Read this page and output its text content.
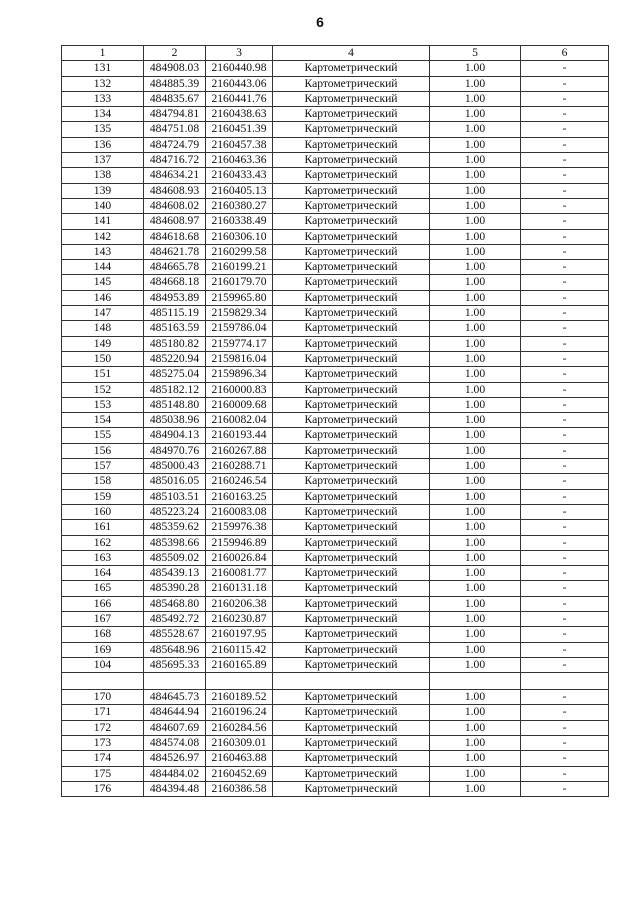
6
1	2	3	4	5	6
131	484908.03	2160440.98	Картометрический	1.00	-
132	484885.39	2160443.06	Картометрический	1.00	-
133	484835.67	2160441.76	Картометрический	1.00	-
134	484794.81	2160438.63	Картометрический	1.00	-
135	484751.08	2160451.39	Картометрический	1.00	-
136	484724.79	2160457.38	Картометрический	1.00	-
137	484716.72	2160463.36	Картометрический	1.00	-
138	484634.21	2160433.43	Картометрический	1.00	-
139	484608.93	2160405.13	Картометрический	1.00	-
140	484608.02	2160380.27	Картометрический	1.00	-
141	484608.97	2160338.49	Картометрический	1.00	-
142	484618.68	2160306.10	Картометрический	1.00	-
143	484621.78	2160299.58	Картометрический	1.00	-
144	484665.78	2160199.21	Картометрический	1.00	-
145	484668.18	2160179.70	Картометрический	1.00	-
146	484953.89	2159965.80	Картометрический	1.00	-
147	485115.19	2159829.34	Картометрический	1.00	-
148	485163.59	2159786.04	Картометрический	1.00	-
149	485180.82	2159774.17	Картометрический	1.00	-
150	485220.94	2159816.04	Картометрический	1.00	-
151	485275.04	2159896.34	Картометрический	1.00	-
152	485182.12	2160000.83	Картометрический	1.00	-
153	485148.80	2160009.68	Картометрический	1.00	-
154	485038.96	2160082.04	Картометрический	1.00	-
155	484904.13	2160193.44	Картометрический	1.00	-
156	484970.76	2160267.88	Картометрический	1.00	-
157	485000.43	2160288.71	Картометрический	1.00	-
158	485016.05	2160246.54	Картометрический	1.00	-
159	485103.51	2160163.25	Картометрический	1.00	-
160	485223.24	2160083.08	Картометрический	1.00	-
161	485359.62	2159976.38	Картометрический	1.00	-
162	485398.66	2159946.89	Картометрический	1.00	-
163	485509.02	2160026.84	Картометрический	1.00	-
164	485439.13	2160081.77	Картометрический	1.00	-
165	485390.28	2160131.18	Картометрический	1.00	-
166	485468.80	2160206.38	Картометрический	1.00	-
167	485492.72	2160230.87	Картометрический	1.00	-
168	485528.67	2160197.95	Картометрический	1.00	-
169	485648.96	2160115.42	Картометрический	1.00	-
104	485695.33	2160165.89	Картометрический	1.00	-

170	484645.73	2160189.52	Картометрический	1.00	-
171	484644.94	2160196.24	Картометрический	1.00	-
172	484607.69	2160284.56	Картометрический	1.00	-
173	484574.08	2160309.01	Картометрический	1.00	-
174	484526.97	2160463.88	Картометрический	1.00	-
175	484484.02	2160452.69	Картометрический	1.00	-
176	484394.48	2160386.58	Картометрический	1.00	-
